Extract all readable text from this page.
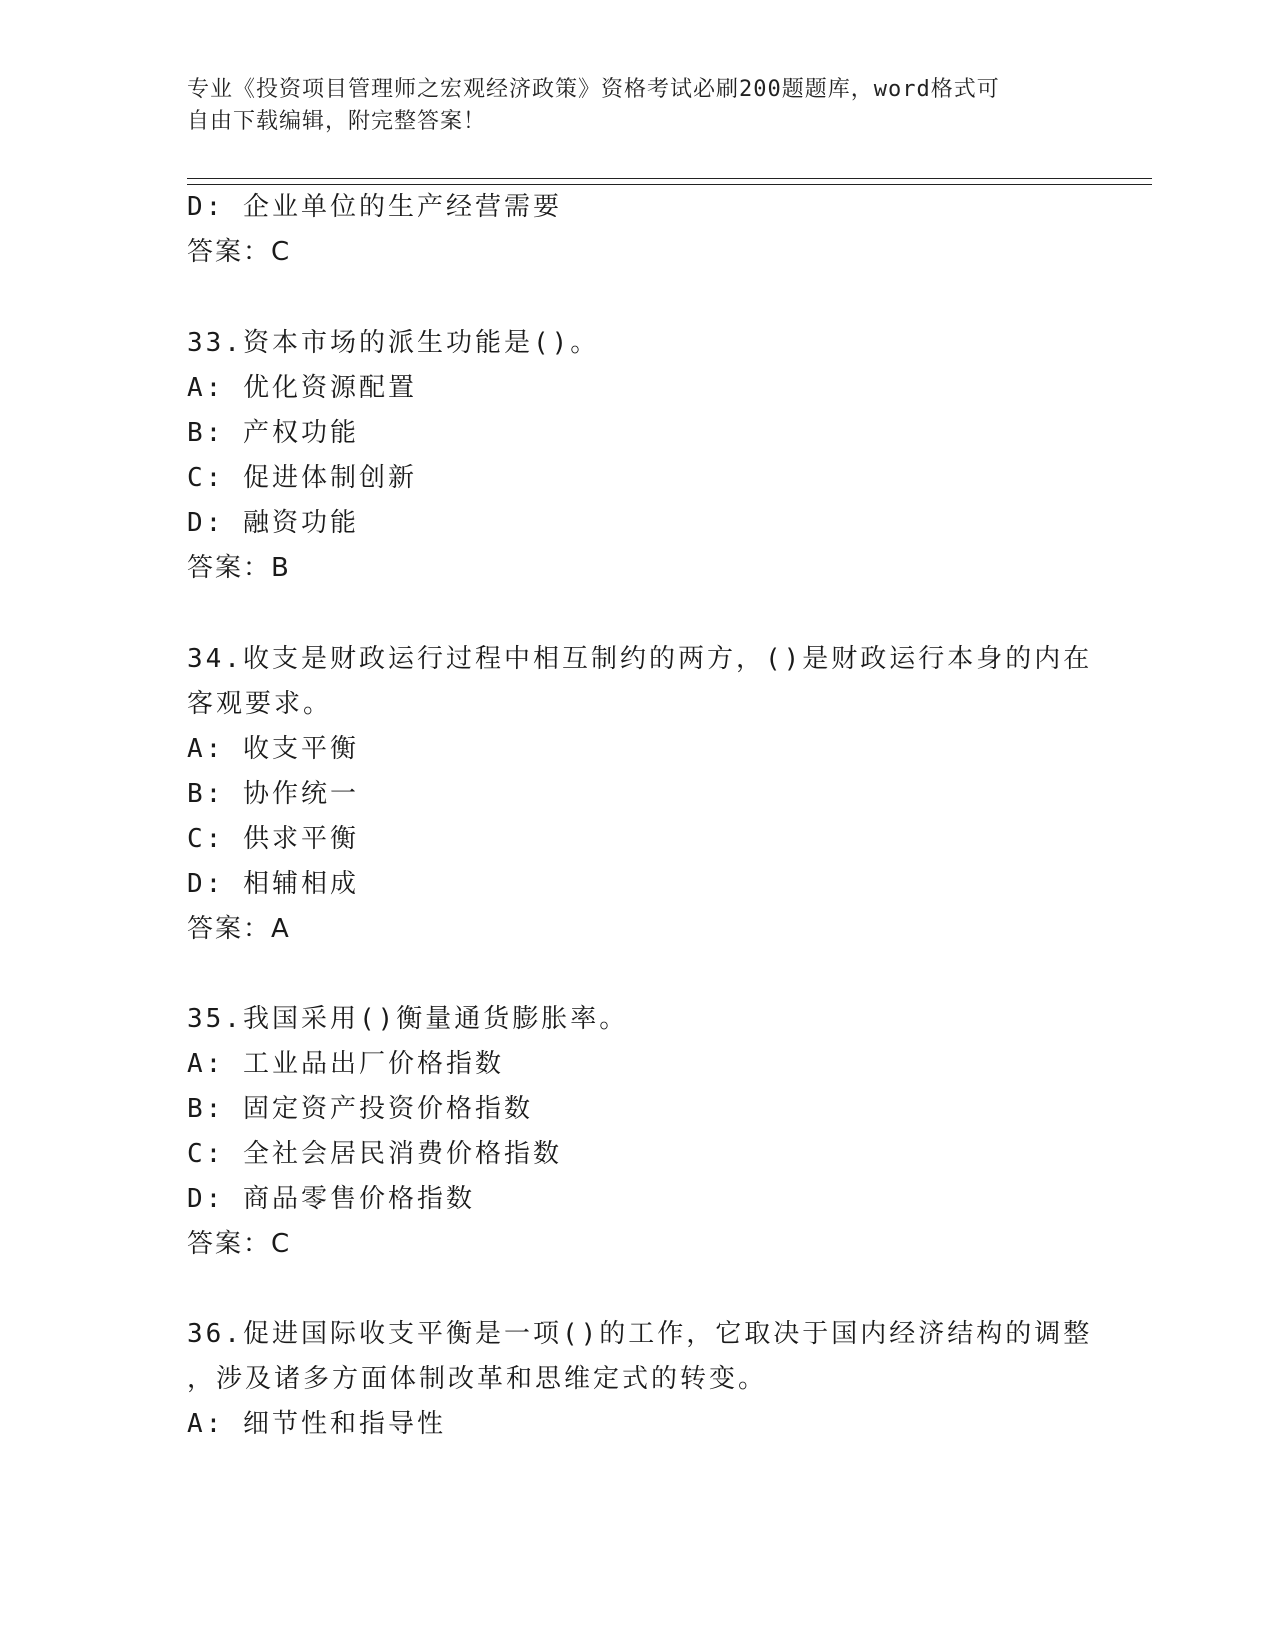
专业《投资项目管理师之宏观经济政策》资格考试必刷200题题库，word格式可
自由下载编辑，附完整答案！
D: 企业单位的生产经营需要
答案：C
33.资本市场的派生功能是()。
A: 优化资源配置
B: 产权功能
C: 促进体制创新
D: 融资功能
答案：B
34.收支是财政运行过程中相互制约的两方，()是财政运行本身的内在
客观要求。
A: 收支平衡
B: 协作统一
C: 供求平衡
D: 相辅相成
答案：A
35.我国采用()衡量通货膨胀率。
A: 工业品出厂价格指数
B: 固定资产投资价格指数
C: 全社会居民消费价格指数
D: 商品零售价格指数
答案：C
36.促进国际收支平衡是一项()的工作，它取决于国内经济结构的调整
，涉及诸多方面体制改革和思维定式的转变。
A: 细节性和指导性
